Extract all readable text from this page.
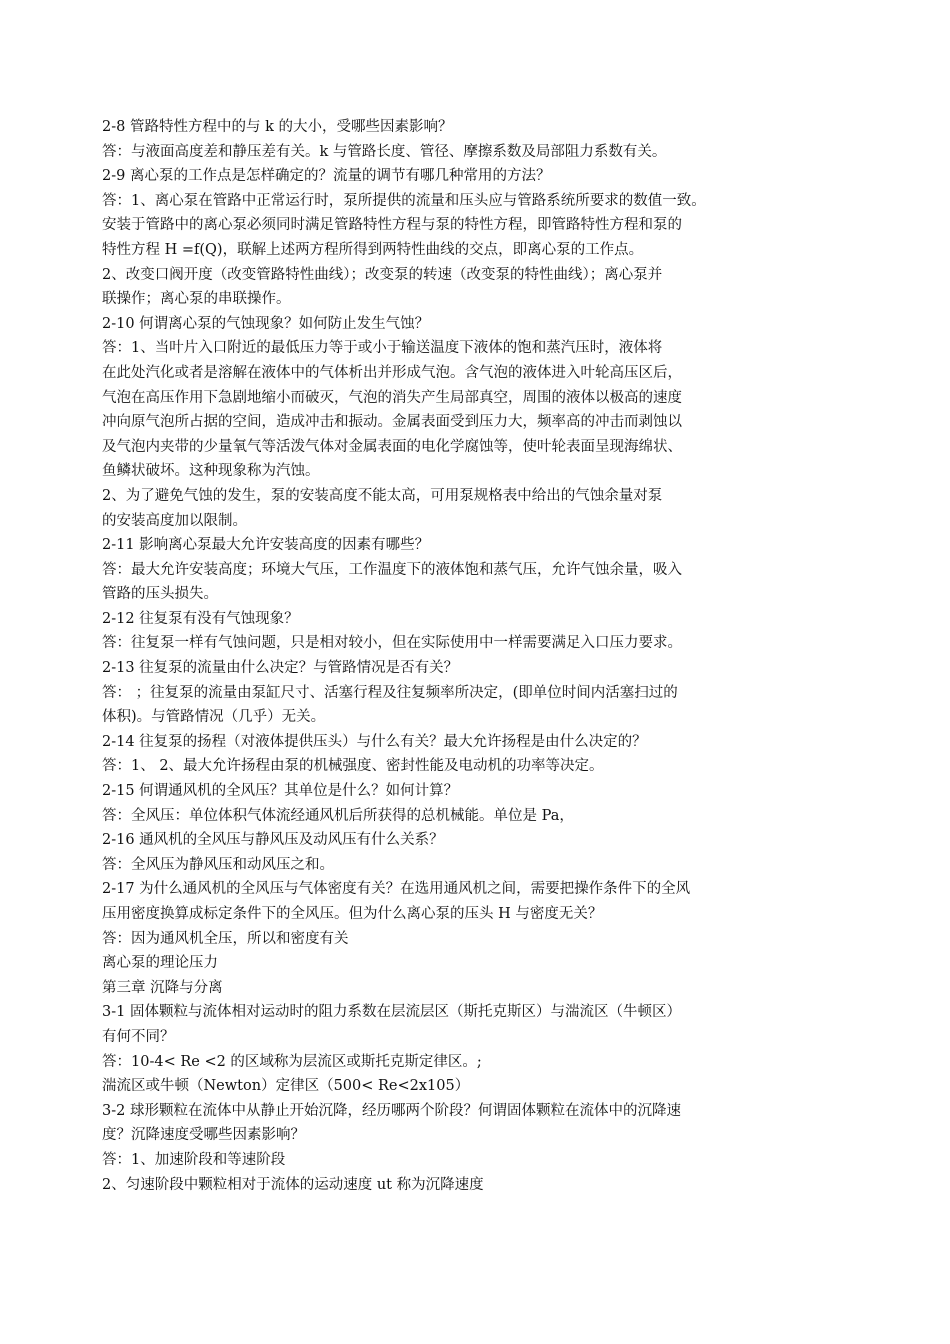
2-8 管路特性方程中的与 k 的大小，受哪些因素影响？
答：与液面高度差和静压差有关。k 与管路长度、管径、摩擦系数及局部阻力系数有关。
2-9 离心泵的工作点是怎样确定的？流量的调节有哪几种常用的方法？
答：1、离心泵在管路中正常运行时，泵所提供的流量和压头应与管路系统所要求的数值一致。
安装于管路中的离心泵必须同时满足管路特性方程与泵的特性方程，即管路特性方程和泵的
特性方程 H =f(Q)，联解上述两方程所得到两特性曲线的交点，即离心泵的工作点。
2、改变口阀开度（改变管路特性曲线）；改变泵的转速（改变泵的特性曲线）；离心泵并
联操作；离心泵的串联操作。
2-10 何谓离心泵的气蚀现象？如何防止发生气蚀？
答：1、当叶片入口附近的最低压力等于或小于输送温度下液体的饱和蒸汽压时，液体将
在此处汽化或者是溶解在液体中的气体析出并形成气泡。含气泡的液体进入叶轮高压区后，
气泡在高压作用下急剧地缩小而破灭，气泡的消失产生局部真空，周围的液体以极高的速度
冲向原气泡所占据的空间，造成冲击和振动。金属表面受到压力大，频率高的冲击而剥蚀以
及气泡内夹带的少量氧气等活泼气体对金属表面的电化学腐蚀等，使叶轮表面呈现海绵状、
鱼鳞状破坏。这种现象称为汽蚀。
2、为了避免气蚀的发生，泵的安装高度不能太高，可用泵规格表中给出的气蚀余量对泵
的安装高度加以限制。
2-11 影响离心泵最大允许安装高度的因素有哪些？
答：最大允许安装高度；环境大气压，工作温度下的液体饱和蒸气压，允许气蚀余量，吸入
管路的压头损失。
2-12 往复泵有没有气蚀现象？
答：往复泵一样有气蚀问题，只是相对较小，但在实际使用中一样需要满足入口压力要求。
2-13 往复泵的流量由什么决定？与管路情况是否有关？
答： ；往复泵的流量由泵缸尺寸、活塞行程及往复频率所决定，(即单位时间内活塞扫过的
体积)。与管路情况（几乎）无关。
2-14 往复泵的扬程（对液体提供压头）与什么有关？最大允许扬程是由什么决定的？
答：1、 2、最大允许扬程由泵的机械强度、密封性能及电动机的功率等决定。
2-15 何谓通风机的全风压？其单位是什么？如何计算？
答：全风压：单位体积气体流经通风机后所获得的总机械能。单位是 Pa，
2-16 通风机的全风压与静风压及动风压有什么关系？
答：全风压为静风压和动风压之和。
2-17 为什么通风机的全风压与气体密度有关？在选用通风机之间，需要把操作条件下的全风
压用密度换算成标定条件下的全风压。但为什么离心泵的压头 H 与密度无关？
答：因为通风机全压，所以和密度有关
离心泵的理论压力
第三章 沉降与分离
3-1 固体颗粒与流体相对运动时的阻力系数在层流层区（斯托克斯区）与湍流区（牛顿区）
有何不同？
答：10-4< Re <2 的区域称为层流区或斯托克斯定律区。;
湍流区或牛顿（Newton）定律区（500< Re<2x105）
3-2 球形颗粒在流体中从静止开始沉降，经历哪两个阶段？何谓固体颗粒在流体中的沉降速
度？沉降速度受哪些因素影响？
答：1、加速阶段和等速阶段
2、匀速阶段中颗粒相对于流体的运动速度 ut 称为沉降速度
